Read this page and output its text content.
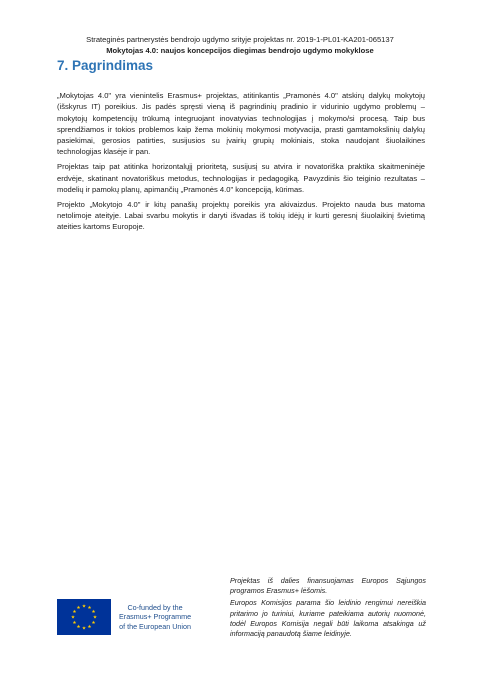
Strateginės partnerystės bendrojo ugdymo srityje projektas nr. 2019-1-PL01-KA201-065137
Mokytojas 4.0: naujos koncepcijos diegimas bendrojo ugdymo mokyklose
7. Pagrindimas

„Mokytojas 4.0" yra vienintelis Erasmus+ projektas, atitinkantis „Pramonės 4.0" atskirų dalykų mokytojų (išskyrus IT) poreikius. Jis padės spręsti vieną iš pagrindinių pradinio ir vidurinio ugdymo problemų – mokytojų kompetencijų trūkumą integruojant inovatyvias technologijas į mokymo/si procesą. Taip bus sprendžiamos ir tokios problemos kaip žema mokinių mokymosi motyvacija, prasti gamtamokslinių dalykų pasiekimai, gerosios patirties, susijusios su įvairių grupių mokiniais, stoka naudojant šiuolaikines technologijas klasėje ir pan.

Projektas taip pat atitinka horizontalųjį prioritetą, susijusį su atvira ir novatoriška praktika skaitmeninėje erdvėje, skatinant novatoriškus metodus, technologijas ir pedagogiką. Pavyzdinis šio teiginio rezultatas – modelių ir pamokų planų, apimančių „Pramonės 4.0" koncepciją, kūrimas.

Projekto „Mokytojo 4.0" ir kitų panašių projektų poreikis yra akivaizdus. Projekto nauda bus matoma netolimoje ateityje. Labai svarbu mokytis ir daryti išvadas iš tokių idėjų ir kurti geresnį šiuolaikinį švietimą ateities kartoms Europoje.

Co-funded by the
Erasmus+ Programme
of the European Union

Projektas iš dalies finansuojamas Europos Sąjungos programos Erasmus+ lėšomis.

Europos Komisijos parama šio leidinio rengimui nereiškia pritarimo jo turiniui, kuriame pateikiama autorių nuomonė, todėl Europos Komisija negali būti laikoma atsakinga už informaciją panaudotą šiame leidinyje.
